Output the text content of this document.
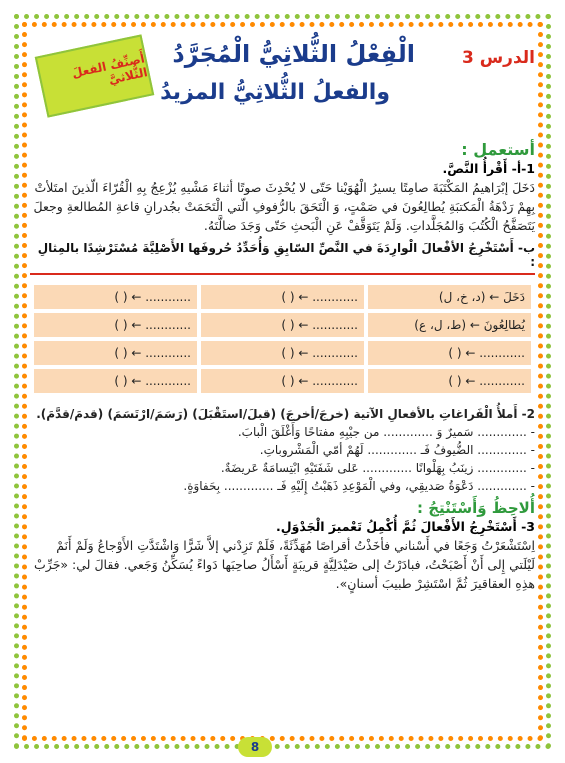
الدرس 3
الْفِعْلُ الثُّلاثِيُّ الْمُجَرَّدُ
والفعلُ الثُّلاثِيُّ المزيدُ
أَصنِّفُ الفعلَ الثُّلاثيَّ
أستعمل :

1-أ- أَقْرأُ النَّصَّ.

دَخَلَ إبْرَاهيمُ المَكْتَبَةَ صامِتًا يسيرُ الْهُوَيْنا حَتّى لا يُحْدِثَ صوتًا أثناءَ مَشْيهِ يُزْعِجُ بِهِ الْقُرّاءَ الّذينَ امتَلأتْ بِهِمْ رَدْهَةُ الْمَكتبَةِ يُطالِعُونَ في صَمْتٍ، وَ الْتَحَقَ بالرُّفوفِ الّتي الْتَحَمَتْ بجُدرانِ قاعةِ المُطالعةِ وجعلَ يَتَصَفَّحُ الْكُتُبَ وَالمُجَلَّداتِ. وَلَمْ يَتَوَقَّفْ عَنِ الْبَحثِ حَتّى وَجَدَ ضالَّتَهُ.

ب- أَسْتَخْرِجُ الأفْعالَ الْوارِدَةَ في النَّصِّ السّابِقِ وَأُحَدِّدُ حُروفَها الأَصْلِيَّةَ مُسْتَرْشِدًا بالمِثالِ :
دَخَلَ ← (د، خ، ل)	............ ← ( )	............ ← ( )
يُطالِعُونَ ← (ط، ل، ع)	............ ← ( )	............ ← ( )
............ ← ( )	............ ← ( )	............ ← ( )
............ ← ( )	............ ← ( )	............ ← ( )
2- أَملأُ الْفَراغاتِ بالأفعالِ الآتية (خرجَ/أخرجَ) (قبلَ/استَقْبَلَ) (رَسَمَ/ارْتَسَمَ) (قدمَ/قدَّمَ).
- ............. سَميرٌ وَ ............. من جيْبِهِ مفتاحًا وَأَغْلَقَ الْبابَ.
- ............. الضُّيوفُ فَـ ............. لَهُمْ أمّي الْمَشْروباتِ.
- ............. زينَبُ بِهَلْوانًا ............. عَلى شَفَتَيْهِ ابْتِسامَةٌ عَريضَةٌ.
- ............. دَعْوَةُ صَديقِي، وفي الْمَوْعِدِ ذَهَبْتُ إِلَيْهِ فَـ ............. بِحَفاوَةٍ.
أُلاحِظُ وَأَسْتَنْتِجُ :

3- أَسْتَخْرِجُ الأَفْعالَ ثُمَّ أُكْمِلُ تَعْميرَ الْجَدْوَلِ.

اِسْتَشْعَرْتُ وَجَعًا في أَسْناني فأخَذْتُ أقراصًا مُهَدِّئَةً، فَلَمْ تَزِدْني إلاَّ شَرًّا وَاشْتَدَّتِ الأَوْجاعُ وَلَمْ أَنَمْ لَيْلَتي إِلى أَنْ أَصْبَحْتُ، فبادَرْتُ إلى صَيْدَلِيَّةٍ قريبَةٍ أَسْأَلُ صاحِبَها دَواءً يُسَكِّنُ وَجَعي. فقالَ لي: «جَرِّبْ هذِهِ العقاقيرَ ثُمَّ اسْتَشِرْ طبيبَ أسنانٍ».

8
